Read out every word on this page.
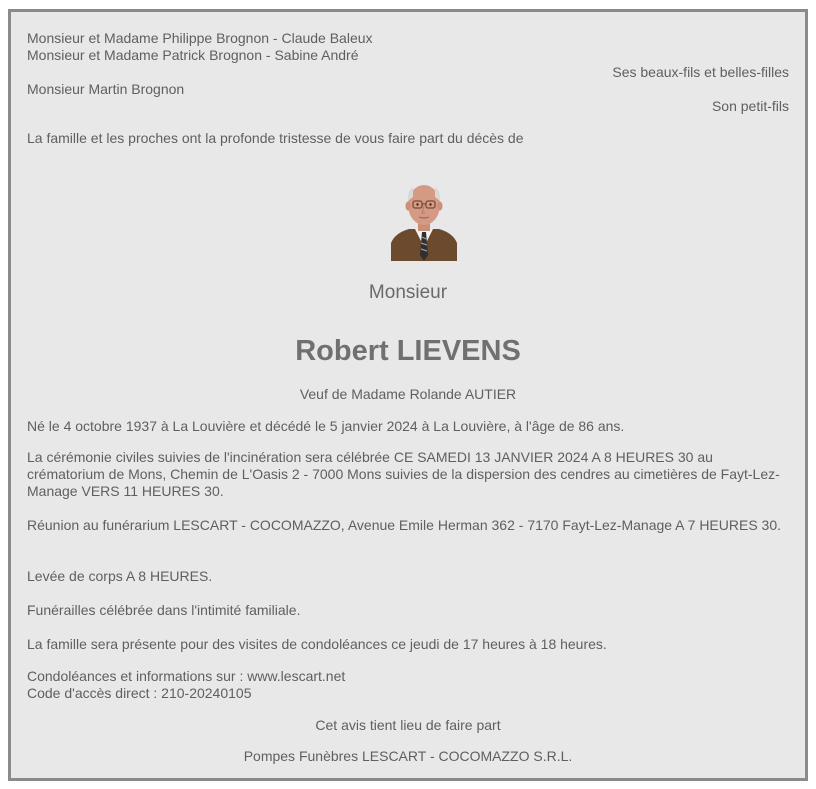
Monsieur et Madame Philippe Brognon - Claude Baleux
Monsieur et Madame Patrick Brognon - Sabine André
Ses beaux-fils et belles-filles
Monsieur Martin Brognon
Son petit-fils
La famille et les proches ont la profonde tristesse de vous faire part du décès de
Monsieur
Robert LIEVENS
Veuf de Madame Rolande AUTIER
Né le 4 octobre 1937 à La Louvière et décédé le 5 janvier 2024 à La Louvière, à l'âge de 86 ans.
La cérémonie civiles suivies de l'incinération sera célébrée CE SAMEDI 13 JANVIER 2024 A 8 HEURES 30 au crématorium de Mons, Chemin de L'Oasis 2 - 7000 Mons suivies de la dispersion des cendres au cimetières de Fayt-Lez-Manage VERS 11 HEURES 30.
Réunion au funérarium LESCART - COCOMAZZO, Avenue Emile Herman 362 - 7170 Fayt-Lez-Manage A 7 HEURES 30.
Levée de corps A 8 HEURES.
Funérailles célébrée dans l'intimité familiale.
La famille sera présente pour des visites de condoléances ce jeudi de 17 heures à 18 heures.
Condoléances et informations sur : www.lescart.net
Code d'accès direct : 210-20240105
Cet avis tient lieu de faire part
Pompes Funèbres LESCART - COCOMAZZO S.R.L.
